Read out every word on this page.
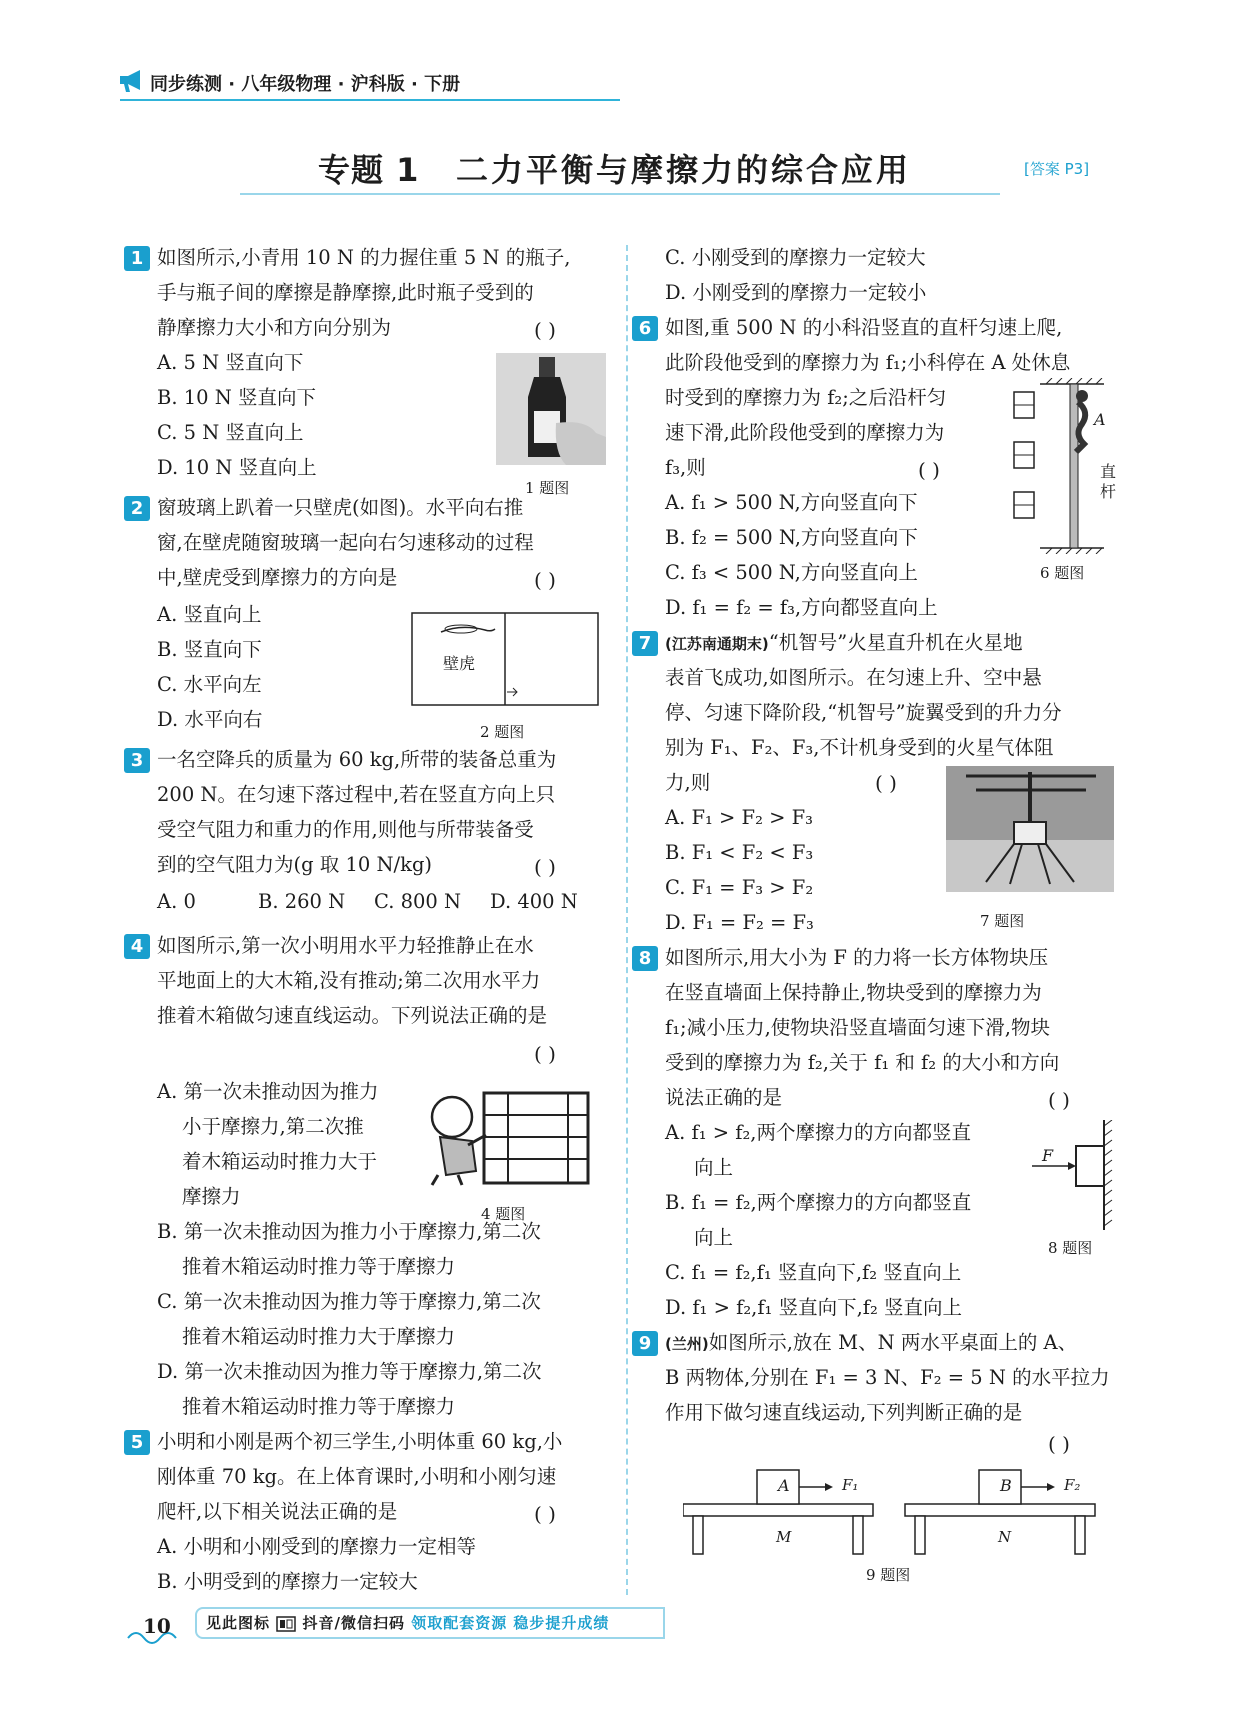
同步练测 · 八年级物理 · 沪科版 · 下册
专题 1 二力平衡与摩擦力的综合应用	[答案 P3]
1 如图所示,小青用 10 N 的力握住重 5 N 的瓶子,
手与瓶子间的摩擦是静摩擦,此时瓶子受到的
静摩擦力大小和方向分别为	( )
A. 5 N 竖直向下
B. 10 N 竖直向下
C. 5 N 竖直向上
D. 10 N 竖直向上
1 题图
2 窗玻璃上趴着一只壁虎(如图)。水平向右推
窗,在壁虎随窗玻璃一起向右匀速移动的过程
中,壁虎受到摩擦力的方向是	( )
A. 竖直向上
B. 竖直向下
C. 水平向左
D. 水平向右
壁虎
2 题图
3 一名空降兵的质量为 60 kg,所带的装备总重为
200 N。在匀速下落过程中,若在竖直方向上只
受空气阻力和重力的作用,则他与所带装备受
到的空气阻力为(g 取 10 N/kg)	( )
A. 0	B. 260 N C. 800 N D. 400 N
4 如图所示,第一次小明用水平力轻推静止在水
平地面上的大木箱,没有推动;第二次用水平力
推着木箱做匀速直线运动。下列说法正确的是
( )
A. 第一次未推动因为推力
小于摩擦力,第二次推
着木箱运动时推力大于
摩擦力
4 题图
B. 第一次未推动因为推力小于摩擦力,第二次
推着木箱运动时推力等于摩擦力
C. 第一次未推动因为推力等于摩擦力,第二次
推着木箱运动时推力大于摩擦力
D. 第一次未推动因为推力等于摩擦力,第二次
推着木箱运动时推力等于摩擦力
5 小明和小刚是两个初三学生,小明体重 60 kg,小
刚体重 70 kg。在上体育课时,小明和小刚匀速
爬杆,以下相关说法正确的是	( )
A. 小明和小刚受到的摩擦力一定相等
B. 小明受到的摩擦力一定较大
C. 小刚受到的摩擦力一定较大
D. 小刚受到的摩擦力一定较小
6 如图,重 500 N 的小科沿竖直的直杆匀速上爬,
此阶段他受到的摩擦力为 f₁;小科停在 A 处休息
时受到的摩擦力为 f₂;之后沿杆匀
速下滑,此阶段他受到的摩擦力为
f₃,则	( )
A. f₁ > 500 N,方向竖直向下
B. f₂ = 500 N,方向竖直向下
C. f₃ < 500 N,方向竖直向上
D. f₁ = f₂ = f₃,方向都竖直向上
A
直杆
6 题图
7 (江苏南通期末)“机智号”火星直升机在火星地
表首飞成功,如图所示。在匀速上升、空中悬
停、匀速下降阶段,“机智号”旋翼受到的升力分
别为 F₁、F₂、F₃,不计机身受到的火星气体阻
力,则	( )
A. F₁ > F₂ > F₃
B. F₁ < F₂ < F₃
C. F₁ = F₃ > F₂
D. F₁ = F₂ = F₃	7 题图
8 如图所示,用大小为 F 的力将一长方体物块压
在竖直墙面上保持静止,物块受到的摩擦力为
f₁;减小压力,使物块沿竖直墙面匀速下滑,物块
受到的摩擦力为 f₂,关于 f₁ 和 f₂ 的大小和方向
说法正确的是	( )
A. f₁ > f₂,两个摩擦力的方向都竖直
向上
B. f₁ = f₂,两个摩擦力的方向都竖直
向上
C. f₁ = f₂,f₁ 竖直向下,f₂ 竖直向上
D. f₁ > f₂,f₁ 竖直向下,f₂ 竖直向上
F
8 题图
9 (兰州)如图所示,放在 M、N 两水平桌面上的 A、
B 两物体,分别在 F₁ = 3 N、F₂ = 5 N 的水平拉力
作用下做匀速直线运动,下列判断正确的是
( )
A	F₁	B	F₂
M	N
9 题图
10 见此图标 抖音/微信扫码 领取配套资源 稳步提升成绩
